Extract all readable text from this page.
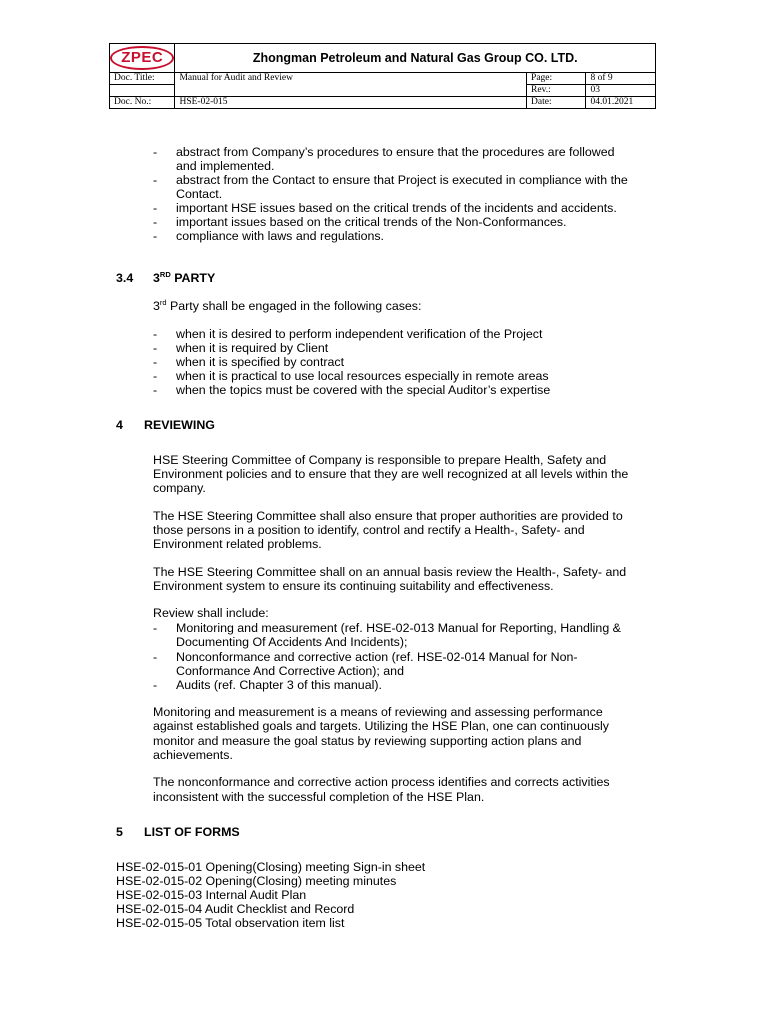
ZPEC	Zhongman Petroleum and Natural Gas Group CO. LTD.		
Doc. Title:	Manual for Audit and Review	Page:	8 of 9
		Rev.:	03
Doc. No.:	HSE-02-015	Date:	04.01.2021
- abstract from Company’s procedures to ensure that the procedures are followed
and implemented.
- abstract from the Contact to ensure that Project is executed in compliance with the
Contact.
- important HSE issues based on the critical trends of the incidents and accidents.
- important issues based on the critical trends of the Non-Conformances.
- compliance with laws and regulations.
3.4 3RD PARTY
3rd Party shall be engaged in the following cases:
- when it is desired to perform independent verification of the Project
- when it is required by Client
- when it is specified by contract
- when it is practical to use local resources especially in remote areas
- when the topics must be covered with the special Auditor’s expertise
4 REVIEWING
HSE Steering Committee of Company is responsible to prepare Health, Safety and
Environment policies and to ensure that they are well recognized at all levels within the
company.
The HSE Steering Committee shall also ensure that proper authorities are provided to
those persons in a position to identify, control and rectify a Health-, Safety- and
Environment related problems.
The HSE Steering Committee shall on an annual basis review the Health-, Safety- and
Environment system to ensure its continuing suitability and effectiveness.
Review shall include:
- Monitoring and measurement (ref. HSE-02-013 Manual for Reporting, Handling &
Documenting Of Accidents And Incidents);
- Nonconformance and corrective action (ref. HSE-02-014 Manual for Non-
Conformance And Corrective Action); and
- Audits (ref. Chapter 3 of this manual).
Monitoring and measurement is a means of reviewing and assessing performance
against established goals and targets. Utilizing the HSE Plan, one can continuously
monitor and measure the goal status by reviewing supporting action plans and
achievements.
The nonconformance and corrective action process identifies and corrects activities
inconsistent with the successful completion of the HSE Plan.
5 LIST OF FORMS
HSE-02-015-01 Opening(Closing) meeting Sign-in sheet
HSE-02-015-02 Opening(Closing) meeting minutes
HSE-02-015-03 Internal Audit Plan
HSE-02-015-04 Audit Checklist and Record
HSE-02-015-05 Total observation item list
